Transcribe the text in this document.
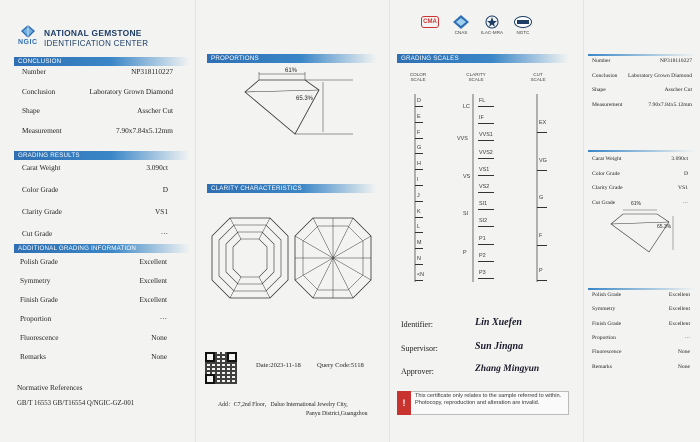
NGIC
NATIONAL GEMSTONE
IDENTIFICATION CENTER
CONCLUSION
Number	NP318110227
Conclusion	Laboratory Grown Diamond
Shape	Asscher Cut
Measurement	7.90x7.84x5.12mm
GRADING RESULTS
Carat Weight	3.090ct
Color Grade	D
Clarity Grade	VS1
Cut Grade	···
ADDITIONAL GRADING INFORMATION
Polish Grade	Excellent
Symmetry	Excellent
Finish Grade	Excellent
Proportion	···
Fluorescence	None
Remarks	None
Normative References
GB/T 16553 GB/T16554 Q/NGIC-GZ-001
PROPORTIONS
61%
65.3%
CLARITY CHARACTERISTICS
Date:2023-11-18 Query Code:5118
Add：C7,2nd Floor，Daluo International Jewelry City,
Panyu District,Guangzhou
CMA
CNAS	ILAC-MRA	NGTC
GRADING SCALES
COLOR
SCALE
CLARITY
SCALE
CUT
SCALE
D
E
F
G
H
I
J
K
L
M
N
<N
LC
VVS
VS
SI
P
FL
IF
VVS1
VVS2
VS1
VS2
SI1
SI2
P1
P2
P3
EX
VG
G
F
P
Identifier:	Lin Xuefen
Supervisor:	Sun Jingna
Approver:	Zhang Mingyun
!
This certificate only relates to the sample referred to within. Photocopy, reproduction and alteration are invalid.
Number	NP318110227
Conclusion	Laboratory Grown Diamond
Shape	Asscher Cut
Measurement	7.90x7.84x5.12mm
Carat Weight	3.090ct
Color Grade	D
Clarity Grade	VS1
Cut Grade	···
61%
65.3%
Polish Grade	Excellent
Symmetry	Excellent
Finish Grade	Excellent
Proportion	···
Fluorescence	None
Remarks	None
